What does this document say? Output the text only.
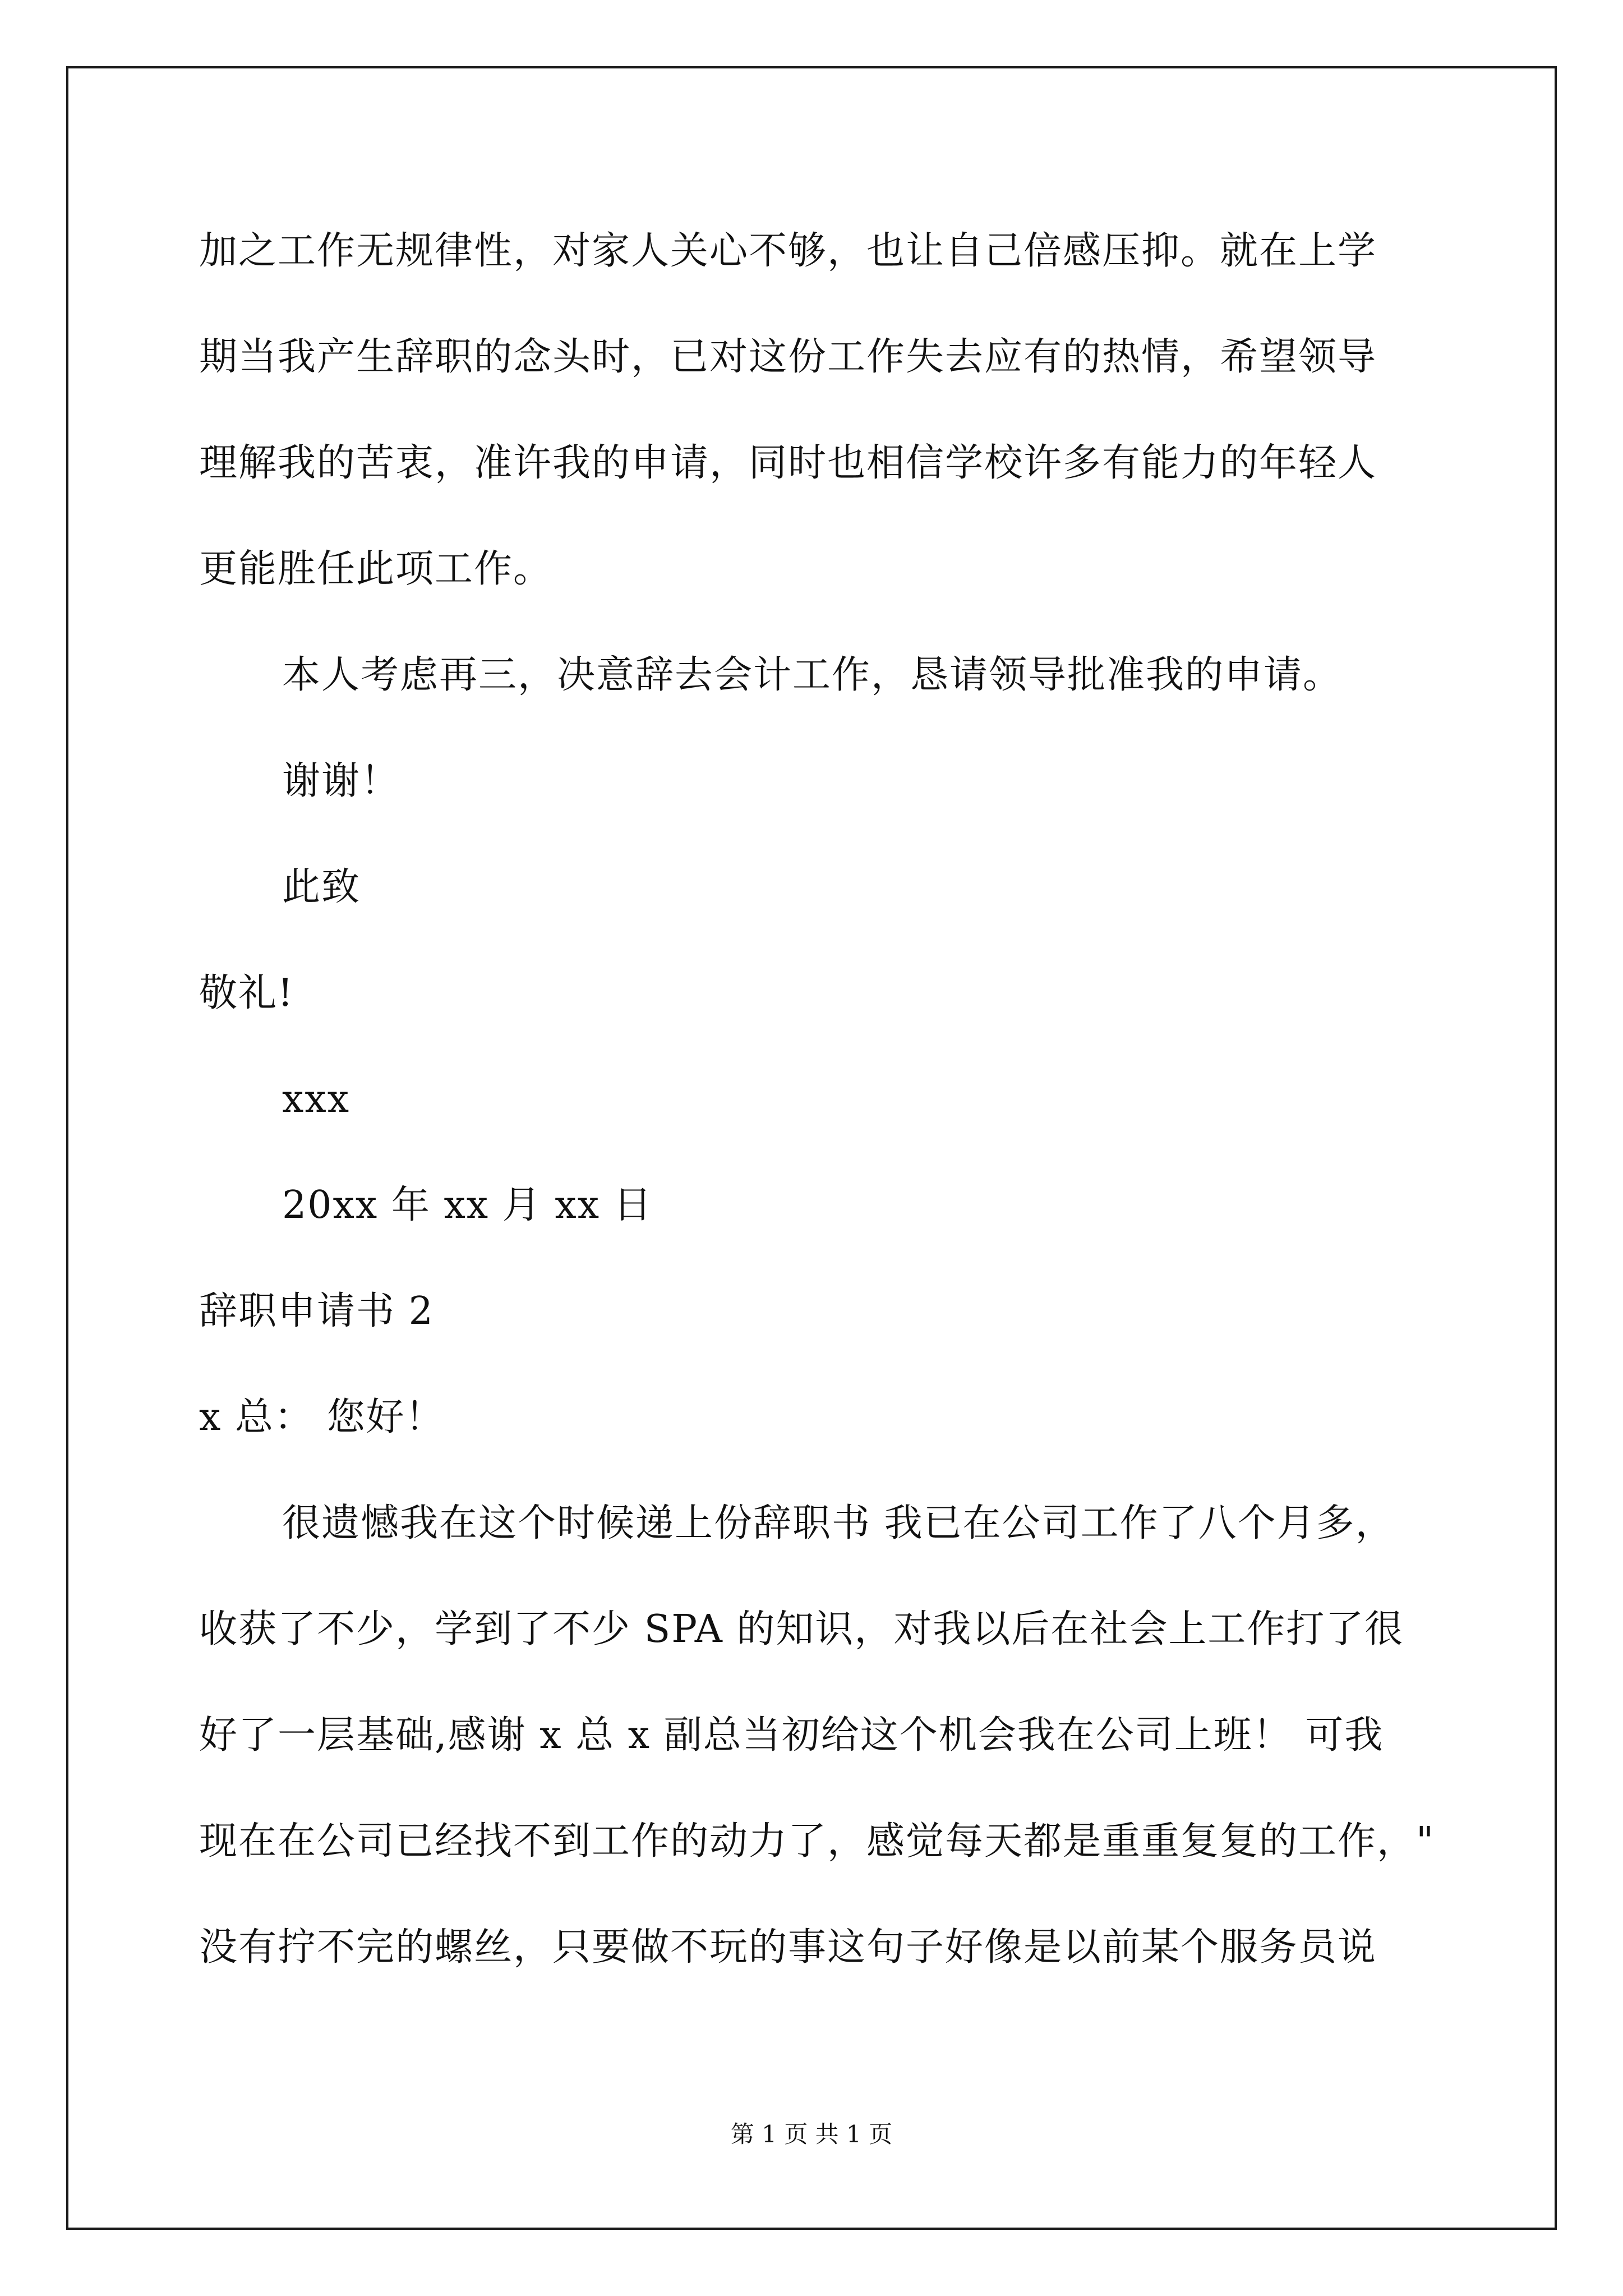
加之工作无规律性，对家人关心不够，也让自己倍感压抑。就在上学
期当我产生辞职的念头时，已对这份工作失去应有的热情，希望领导
理解我的苦衷，准许我的申请，同时也相信学校许多有能力的年轻人
更能胜任此项工作。
本人考虑再三，决意辞去会计工作，恳请领导批准我的申请。
谢谢！
此致
敬礼!
xxx
20xx 年 xx 月 xx 日
辞职申请书 2
x 总： 您好！
很遗憾我在这个时候递上份辞职书 我已在公司工作了八个月多，
收获了不少，学到了不少 SPA 的知识，对我以后在社会上工作打了很
好了一层基础,感谢 x 总 x 副总当初给这个机会我在公司上班！ 可我
现在在公司已经找不到工作的动力了，感觉每天都是重重复复的工作，"
没有拧不完的螺丝，只要做不玩的事这句子好像是以前某个服务员说
第 1 页 共 1 页
